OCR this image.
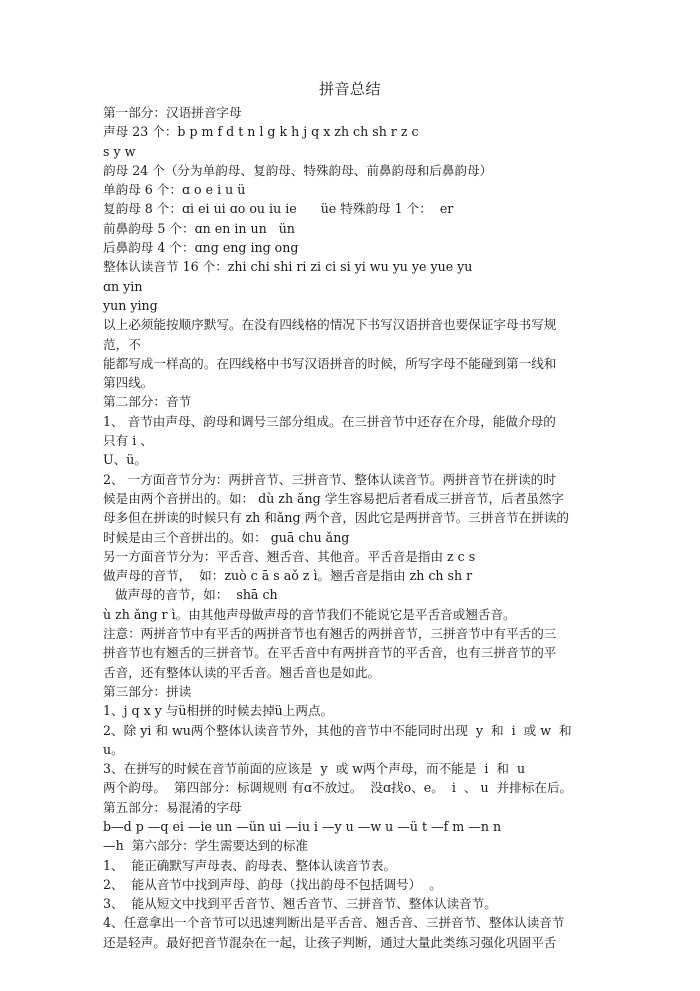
拼音总结
第一部分：汉语拼音字母
声母 23 个：b p m f d t n l g k h j q x zh ch sh r z c
s y w
韵母 24 个（分为单韵母、复韵母、特殊韵母、前鼻韵母和后鼻韵母）
单韵母 6 个：ɑ o e i u ü
复韵母 8 个：ɑi ei ui ɑo ou iu ie      üe 特殊韵母 1 个：  er
前鼻韵母 5 个：ɑn en in un   ün
后鼻韵母 4 个：ɑng eng ing ong
整体认读音节 16 个：zhi chi shi ri zi ci si yi wu yu ye yue yu
ɑn yin
yun ying
以上必须能按顺序默写。在没有四线格的情况下书写汉语拼音也要保证字母书写规
范，不
能都写成一样高的。在四线格中书写汉语拼音的时候，所写字母不能碰到第一线和
第四线。
第二部分：音节
1、 音节由声母、韵母和调号三部分组成。在三拼音节中还存在介母，能做介母的
只有 i 、
U、ü。
2、 一方面音节分为：两拼音节、三拼音节、整体认读音节。两拼音节在拼读的时
候是由两个音拼出的。如： dù zh ǎng 学生容易把后者看成三拼音节，后者虽然字
母多但在拼读的时候只有 zh 和ǎng 两个音，因此它是两拼音节。三拼音节在拼读的
时候是由三个音拼出的。如： guā chu ǎng
另一方面音节分为：平舌音、翘舌音、其他音。平舌音是指由 z c s
做声母的音节，  如：zuò c ā s aǒ z ì。翘舌音是指由 zh ch sh r
做声母的音节，如：  shā ch
ù zh ǎng r ì。由其他声母做声母的音节我们不能说它是平舌音或翘舌音。
注意：两拼音节中有平舌的两拼音节也有翘舌的两拼音节，三拼音节中有平舌的三
拼音节也有翘舌的三拼音节。在平舌音中有两拼音节的平舌音，也有三拼音节的平
舌音，还有整体认读的平舌音。翘舌音也是如此。
第三部分：拼读
1、j q x y 与ü相拼的时候去掉ü上两点。
2、除 yi 和 wu两个整体认读音节外，其他的音节中不能同时出现  y  和  i  或 w  和
u。
3、在拼写的时候在音节前面的应该是  y  或 w两个声母，而不能是  i  和  u
两个韵母。  第四部分：标调规则 有ɑ不放过。  没ɑ找o、e。  i  、 u  并排标在后。
第五部分：易混淆的字母
b—d p —q ei —ie un —ün ui —iu i —y u —w u —ü t —f m —n n
—h  第六部分：学生需要达到的标准
1、  能正确默写声母表、韵母表、整体认读音节表。
2、  能从音节中找到声母、韵母（找出韵母不包括调号）  。
3、  能从短文中找到平舌音节、翘舌音节、三拼音节、整体认读音节。
4、任意拿出一个音节可以迅速判断出是平舌音、翘舌音、三拼音节、整体认读音节
还是轻声。最好把音节混杂在一起，让孩子判断，通过大量此类练习强化巩固平舌
